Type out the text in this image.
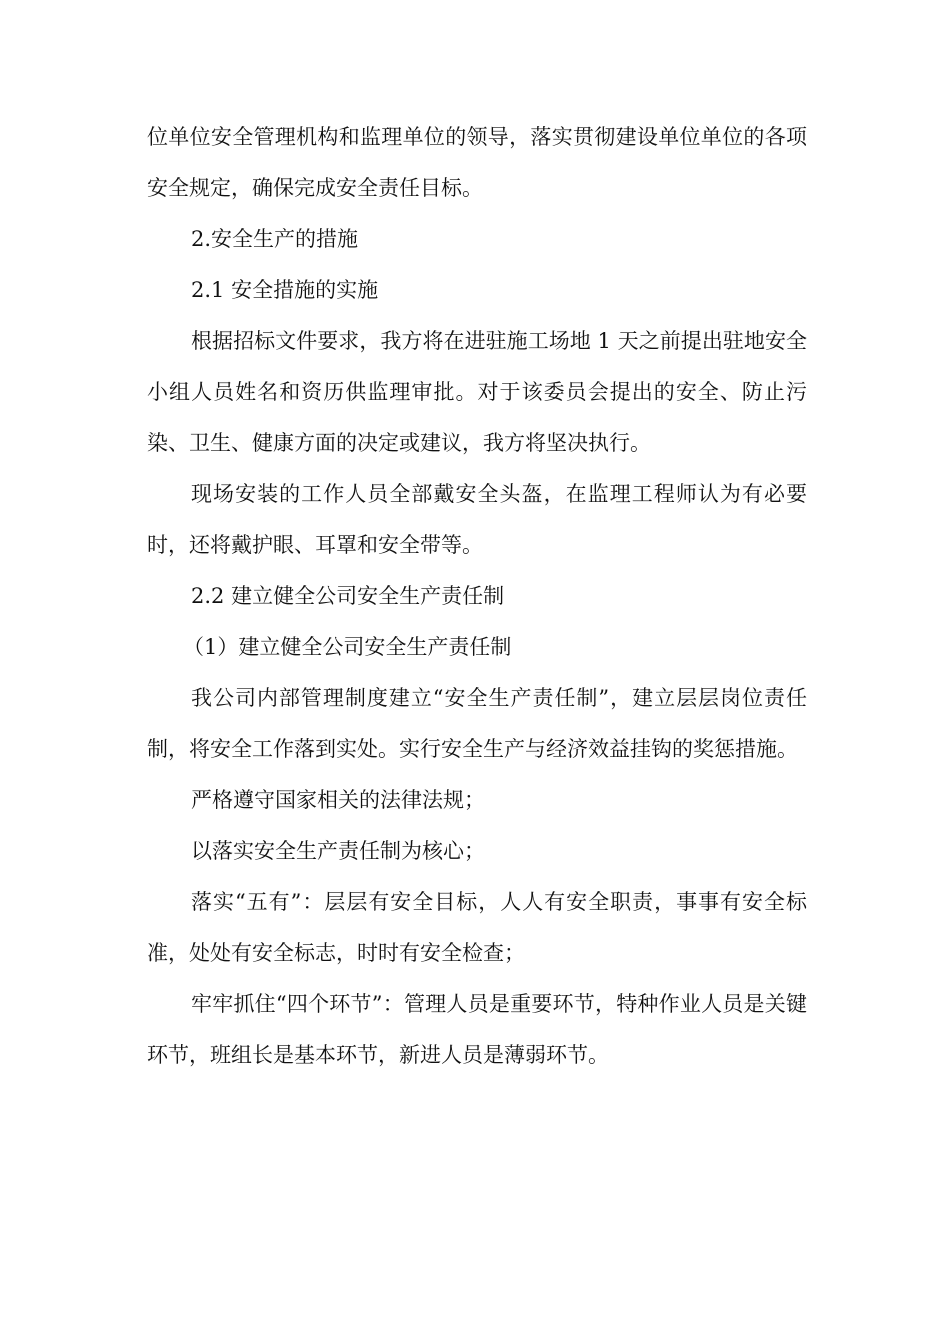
位单位安全管理机构和监理单位的领导，落实贯彻建设单位单位的各项安全规定，确保完成安全责任目标。

2.安全生产的措施

2.1 安全措施的实施

根据招标文件要求，我方将在进驻施工场地 1 天之前提出驻地安全小组人员姓名和资历供监理审批。对于该委员会提出的安全、防止污染、卫生、健康方面的决定或建议，我方将坚决执行。

现场安装的工作人员全部戴安全头盔，在监理工程师认为有必要时，还将戴护眼、耳罩和安全带等。

2.2 建立健全公司安全生产责任制

（1）建立健全公司安全生产责任制

我公司内部管理制度建立“安全生产责任制”，建立层层岗位责任制，将安全工作落到实处。实行安全生产与经济效益挂钩的奖惩措施。

严格遵守国家相关的法律法规；

以落实安全生产责任制为核心；

落实“五有”：层层有安全目标，人人有安全职责，事事有安全标准，处处有安全标志，时时有安全检查；

牢牢抓住“四个环节”：管理人员是重要环节，特种作业人员是关键环节，班组长是基本环节，新进人员是薄弱环节。
